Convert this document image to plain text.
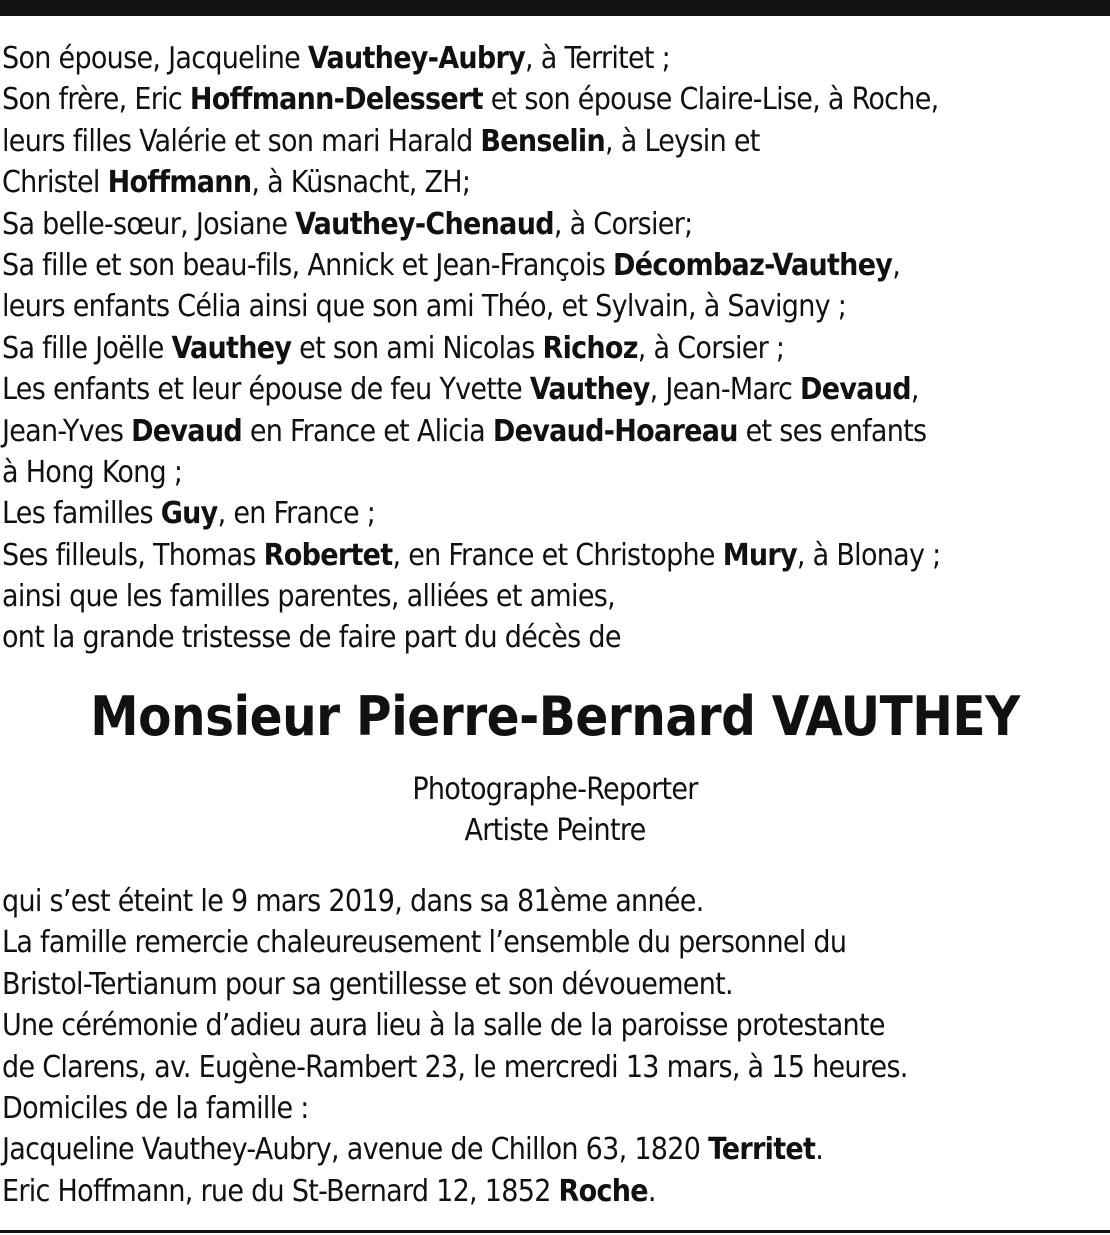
Son épouse, Jacqueline Vauthey-Aubry, à Territet ;
Son frère, Eric Hoffmann-Delessert et son épouse Claire-Lise, à Roche,
leurs filles Valérie et son mari Harald Benselin, à Leysin et
Christel Hoffmann, à Küsnacht, ZH;
Sa belle-sœur, Josiane Vauthey-Chenaud, à Corsier;
Sa fille et son beau-fils, Annick et Jean-François Décombaz-Vauthey,
leurs enfants Célia ainsi que son ami Théo, et Sylvain, à Savigny ;
Sa fille Joëlle Vauthey et son ami Nicolas Richoz, à Corsier ;
Les enfants et leur épouse de feu Yvette Vauthey, Jean-Marc Devaud,
Jean-Yves Devaud en France et Alicia Devaud-Hoareau et ses enfants
à Hong Kong ;
Les familles Guy, en France ;
Ses filleuls, Thomas Robertet, en France et Christophe Mury, à Blonay ;
ainsi que les familles parentes, alliées et amies,
ont la grande tristesse de faire part du décès de
Monsieur Pierre-Bernard VAUTHEY
Photographe-Reporter
Artiste Peintre
qui s’est éteint le 9 mars 2019, dans sa 81ème année.
La famille remercie chaleureusement l’ensemble du personnel du
Bristol-Tertianum pour sa gentillesse et son dévouement.
Une cérémonie d’adieu aura lieu à la salle de la paroisse protestante
de Clarens, av. Eugène-Rambert 23, le mercredi 13 mars, à 15 heures.
Domiciles de la famille :
Jacqueline Vauthey-Aubry, avenue de Chillon 63, 1820 Territet.
Eric Hoffmann, rue du St-Bernard 12, 1852 Roche.
